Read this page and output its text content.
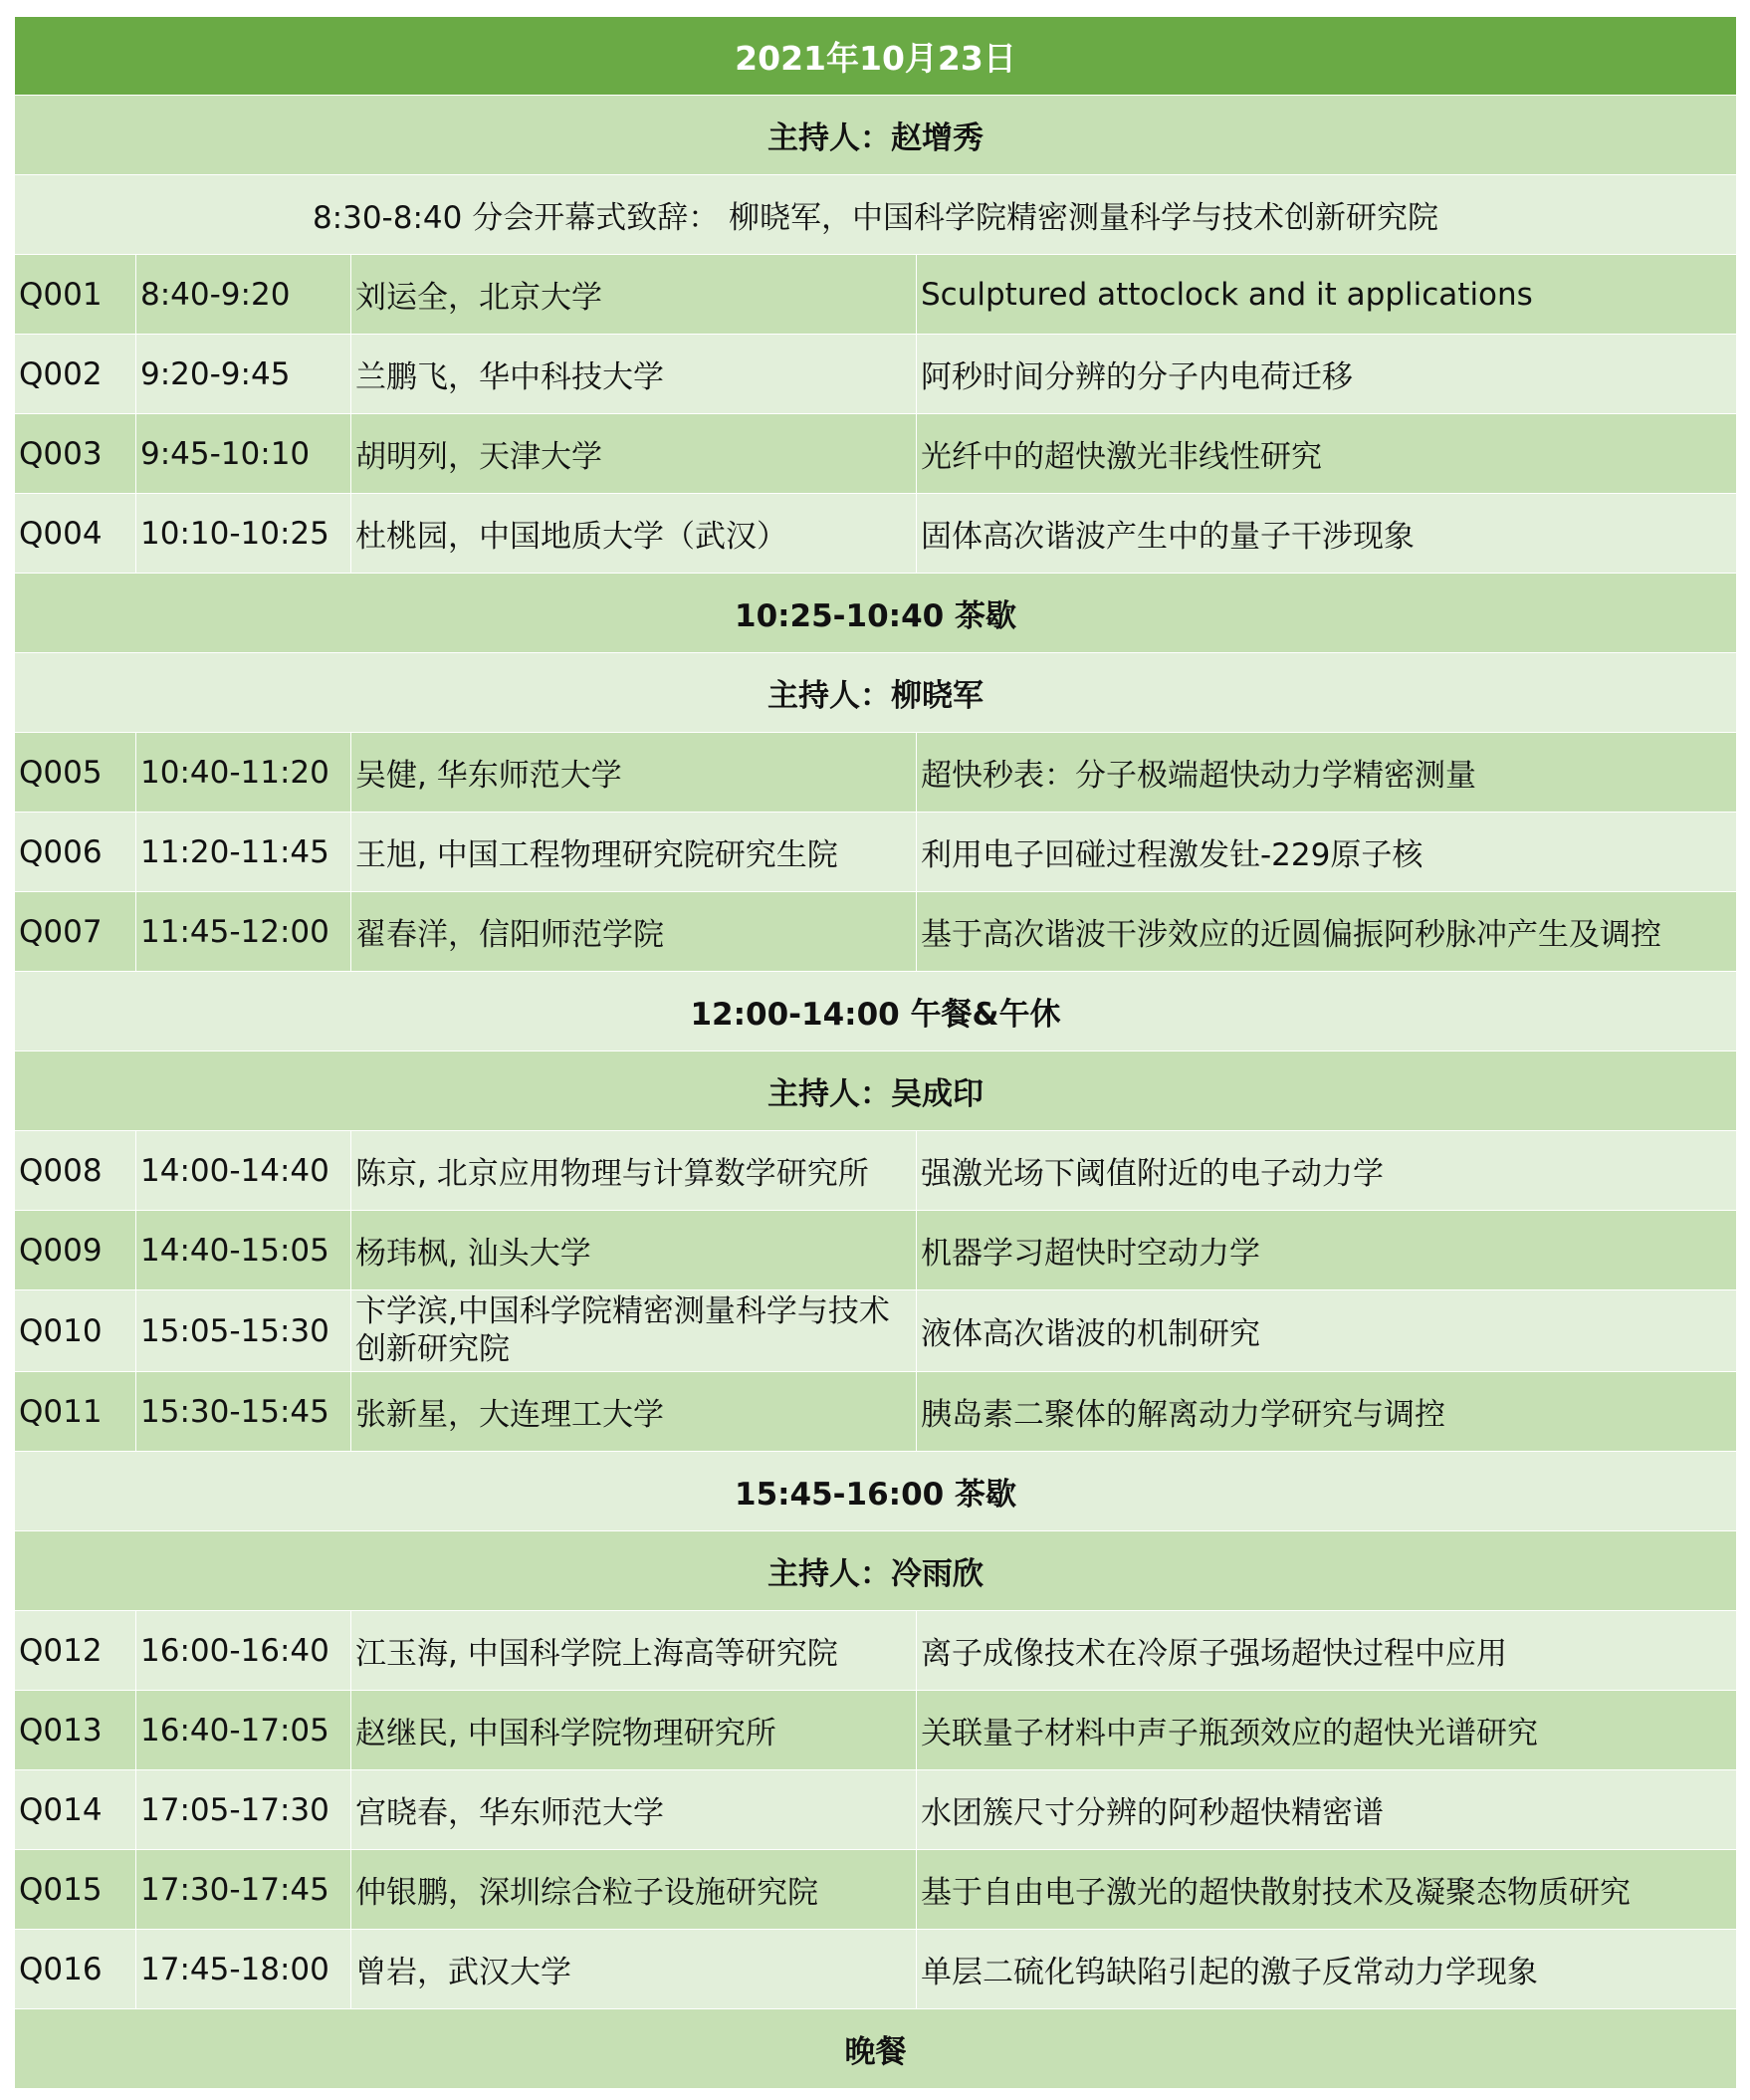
2021年10月23日			
主持人：赵增秀			
8:30-8:40 分会开幕式致辞： 柳晓军，中国科学院精密测量科学与技术创新研究院			
Q001	8:40-9:20	刘运全，北京大学	Sculptured attoclock and it applications
Q002	9:20-9:45	兰鹏飞，华中科技大学	阿秒时间分辨的分子内电荷迁移
Q003	9:45-10:10	胡明列，天津大学	光纤中的超快激光非线性研究
Q004	10:10-10:25	杜桃园，中国地质大学（武汉）	固体高次谐波产生中的量子干涉现象
10:25-10:40 茶歇			
主持人：柳晓军			
Q005	10:40-11:20	吴健, 华东师范大学	超快秒表：分子极端超快动力学精密测量
Q006	11:20-11:45	王旭, 中国工程物理研究院研究生院	利用电子回碰过程激发钍-229原子核
Q007	11:45-12:00	翟春洋，信阳师范学院	基于高次谐波干涉效应的近圆偏振阿秒脉冲产生及调控
12:00-14:00 午餐&午休			
主持人：吴成印			
Q008	14:00-14:40	陈京, 北京应用物理与计算数学研究所	强激光场下阈值附近的电子动力学
Q009	14:40-15:05	杨玮枫, 汕头大学	机器学习超快时空动力学
Q010	15:05-15:30	卞学滨,中国科学院精密测量科学与技术创新研究院	液体高次谐波的机制研究
Q011	15:30-15:45	张新星，大连理工大学	胰岛素二聚体的解离动力学研究与调控
15:45-16:00 茶歇			
主持人：冷雨欣			
Q012	16:00-16:40	江玉海, 中国科学院上海高等研究院	离子成像技术在冷原子强场超快过程中应用
Q013	16:40-17:05	赵继民, 中国科学院物理研究所	关联量子材料中声子瓶颈效应的超快光谱研究
Q014	17:05-17:30	宫晓春，华东师范大学	水团簇尺寸分辨的阿秒超快精密谱
Q015	17:30-17:45	仲银鹏，深圳综合粒子设施研究院	基于自由电子激光的超快散射技术及凝聚态物质研究
Q016	17:45-18:00	曾岩，武汉大学	单层二硫化钨缺陷引起的激子反常动力学现象
晚餐			
